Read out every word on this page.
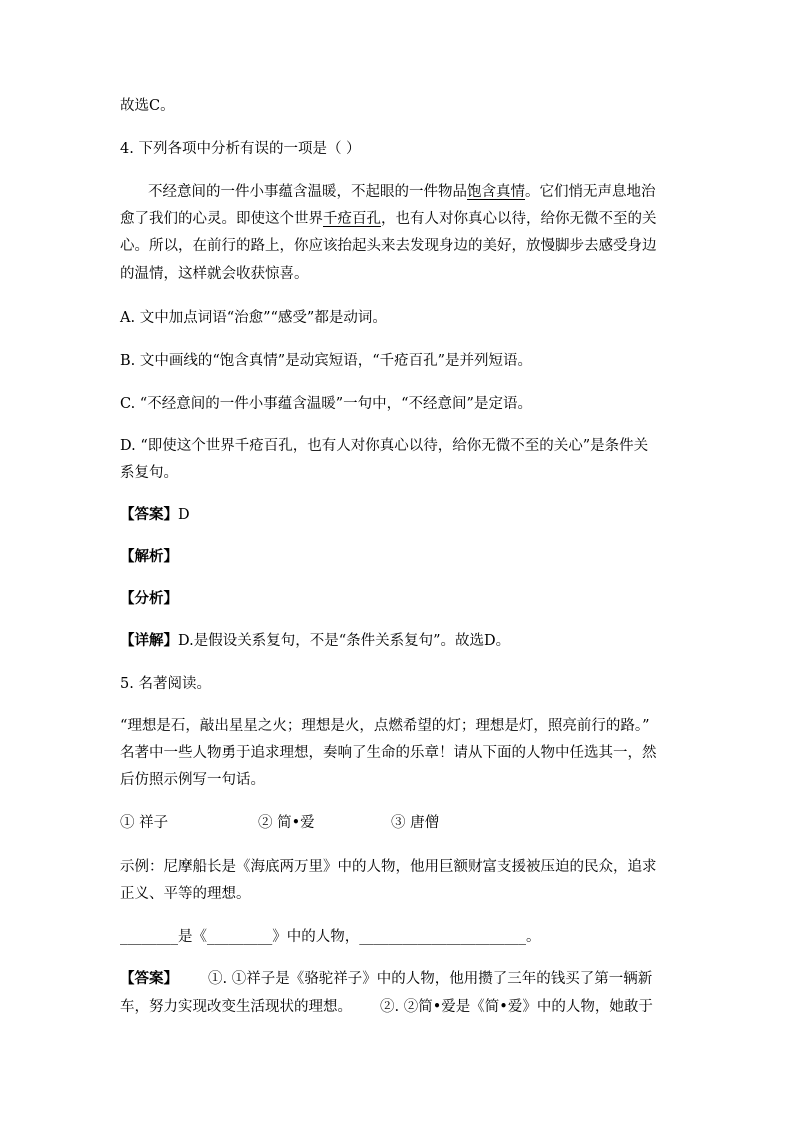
故选C。
4. 下列各项中分析有误的一项是（ ）
不经意间的一件小事蕴含温暖，不起眼的一件物品饱含真情。它们悄无声息地治
愈了我们的心灵。即使这个世界千疮百孔，也有人对你真心以待，给你无微不至的关
心。所以，在前行的路上，你应该抬起头来去发现身边的美好，放慢脚步去感受身边
的温情，这样就会收获惊喜。
A. 文中加点词语“治愈”“感受”都是动词。
B. 文中画线的“饱含真情”是动宾短语，“千疮百孔”是并列短语。
C. “不经意间的一件小事蕴含温暖”一句中，“不经意间”是定语。
D. “即使这个世界千疮百孔，也有人对你真心以待，给你无微不至的关心”是条件关
系复句。
【答案】D
【解析】
【分析】
【详解】D.是假设关系复句，不是“条件关系复句”。故选D。
5. 名著阅读。
“理想是石，敲出星星之火；理想是火，点燃希望的灯；理想是灯，照亮前行的路。”
名著中一些人物勇于追求理想，奏响了生命的乐章！请从下面的人物中任选其一，然
后仿照示例写一句话。
① 祥子	② 简•爱	③ 唐僧
示例：尼摩船长是《海底两万里》中的人物，他用巨额财富支援被压迫的民众，追求
正义、平等的理想。
________是《_________》中的人物，_______________________。
【答案】 ①. ①祥子是《骆驼祥子》中的人物，他用攒了三年的钱买了第一辆新
车，努力实现改变生活现状的理想。 ②. ②简•爱是《简•爱》中的人物，她敢于
